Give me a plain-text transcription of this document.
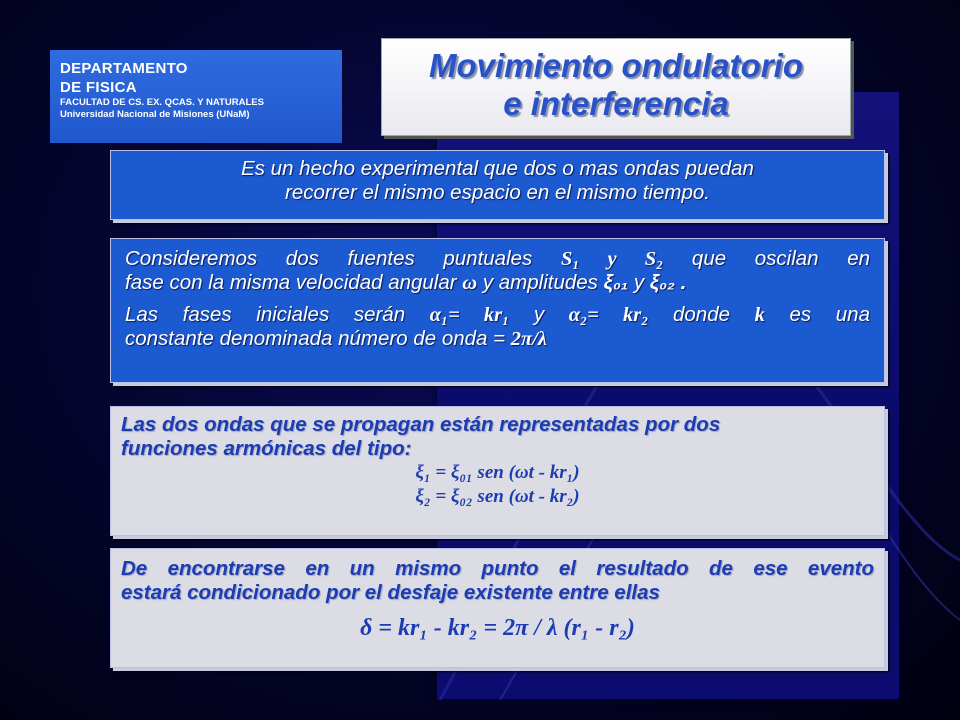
DEPARTAMENTO
DE FISICA
FACULTAD DE CS. EX. QCAS. Y NATURALES
Universidad Nacional de Misiones (UNaM)
Movimiento ondulatorio
e interferencia
Es un hecho experimental que dos o mas ondas puedan
recorrer el mismo espacio en el mismo tiempo.
Consideremos dos fuentes puntuales S₁ y S₂ que oscilan en
fase con la misma velocidad angular ω y amplitudes ξ₀₁ y ξ₀₂ .
Las fases iniciales serán α₁= kr₁ y α₂= kr₂ donde k es una
constante denominada número de onda = 2π/λ
Las dos ondas que se propagan están representadas por dos
funciones armónicas del tipo:
ξ₁ = ξ₀₁ sen (ωt - kr₁)
ξ₂ = ξ₀₂ sen (ωt - kr₂)
De encontrarse en un mismo punto el resultado de ese evento
estará condicionado por el desfaje existente entre ellas
δ = kr₁ - kr₂ = 2π / λ (r₁ - r₂)
